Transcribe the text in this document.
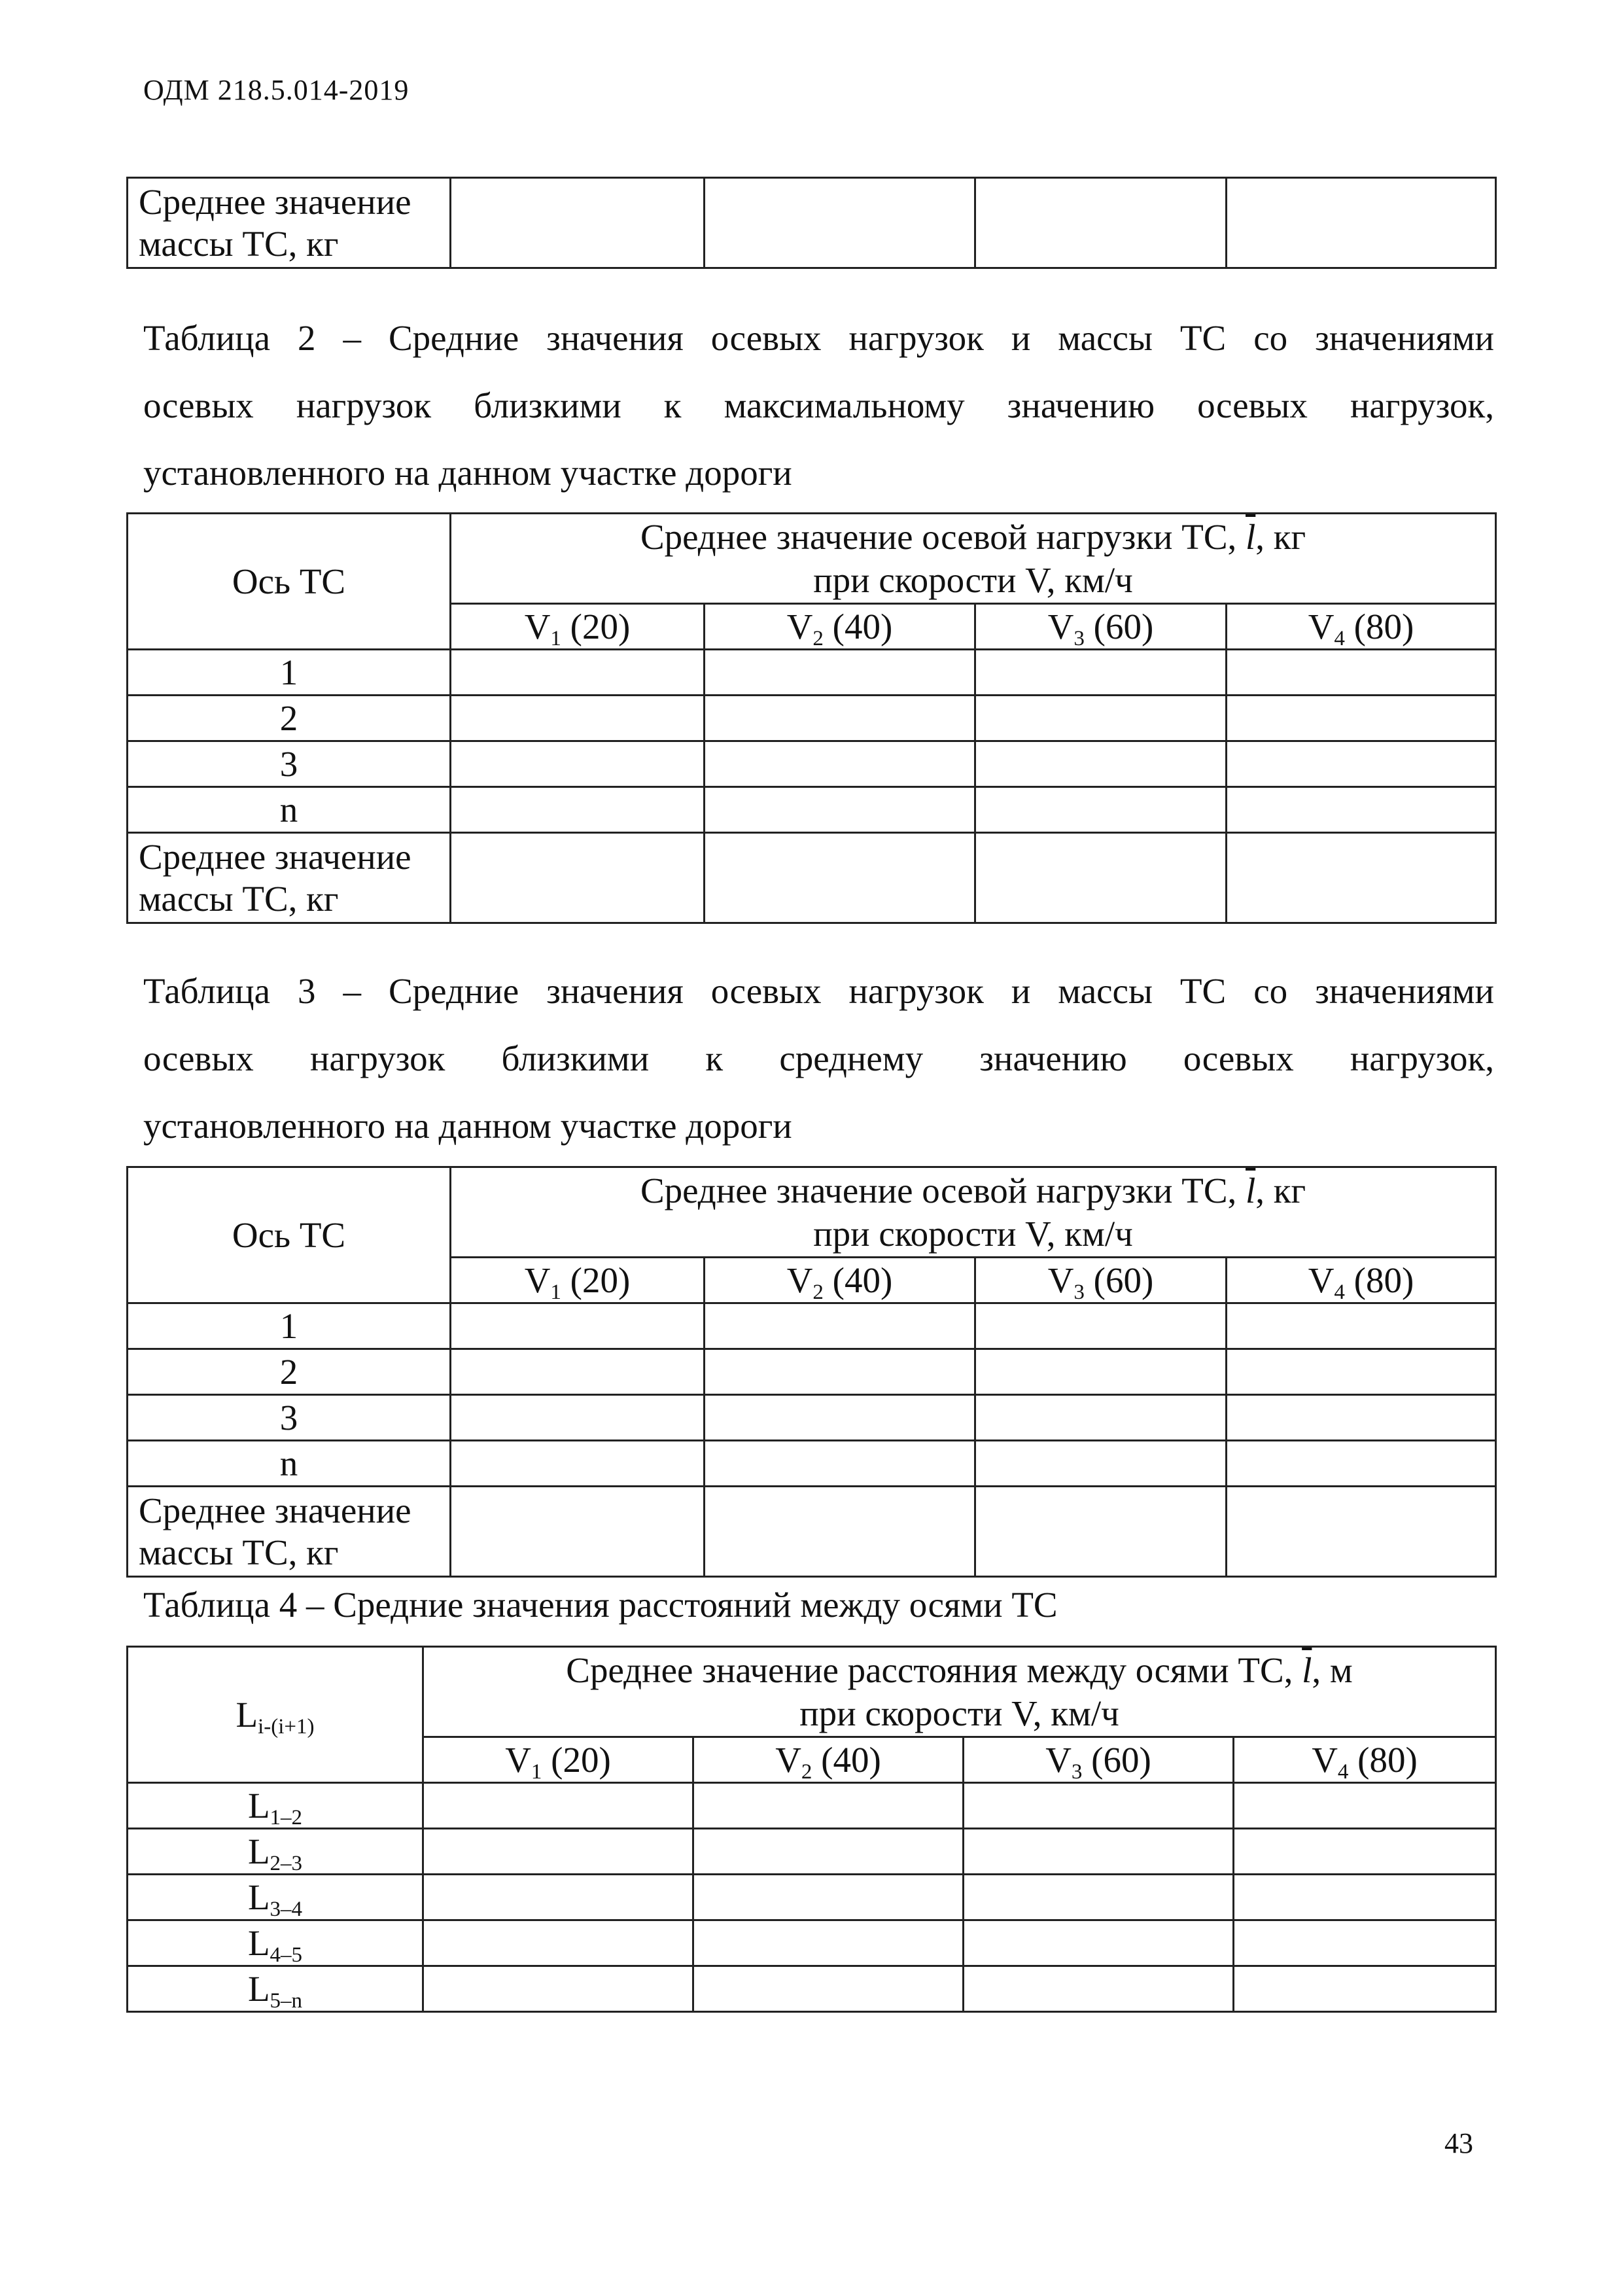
ОДМ 218.5.014-2019
Среднее значение
массы ТС, кг				
Таблица 2 – Средние значения осевых нагрузок и массы ТС со значениями
осевых нагрузок близкими к максимальному значению осевых нагрузок,
установленного на данном участке дороги
Ось ТС	Среднее значение осевой нагрузки ТС, $\overline{l}$, кг
при скорости V, км/ч			
	$V_1$ (20)	$V_2$ (40)	$V_3$ (60)	$V_4$ (80)
1				
2				
3				
n				
Среднее значение
массы ТС, кг				
Таблица 3 – Средние значения осевых нагрузок и массы ТС со значениями
осевых нагрузок близкими к среднему значению осевых нагрузок,
установленного на данном участке дороги
Ось ТС	Среднее значение осевой нагрузки ТС, $\overline{l}$, кг
при скорости V, км/ч			
	$V_1$ (20)	$V_2$ (40)	$V_3$ (60)	$V_4$ (80)
1				
2				
3				
n				
Среднее значение
массы ТС, кг				
Таблица 4 – Средние значения расстояний между осями ТС
$L_{i-(i+1)}$	Среднее значение расстояния между осями ТС, $\overline{l}$, м
при скорости V, км/ч			
	$V_1$ (20)	$V_2$ (40)	$V_3$ (60)	$V_4$ (80)
$L_{1-2}$				
$L_{2-3}$				
$L_{3-4}$				
$L_{4-5}$				
$L_{5-n}$				
43
